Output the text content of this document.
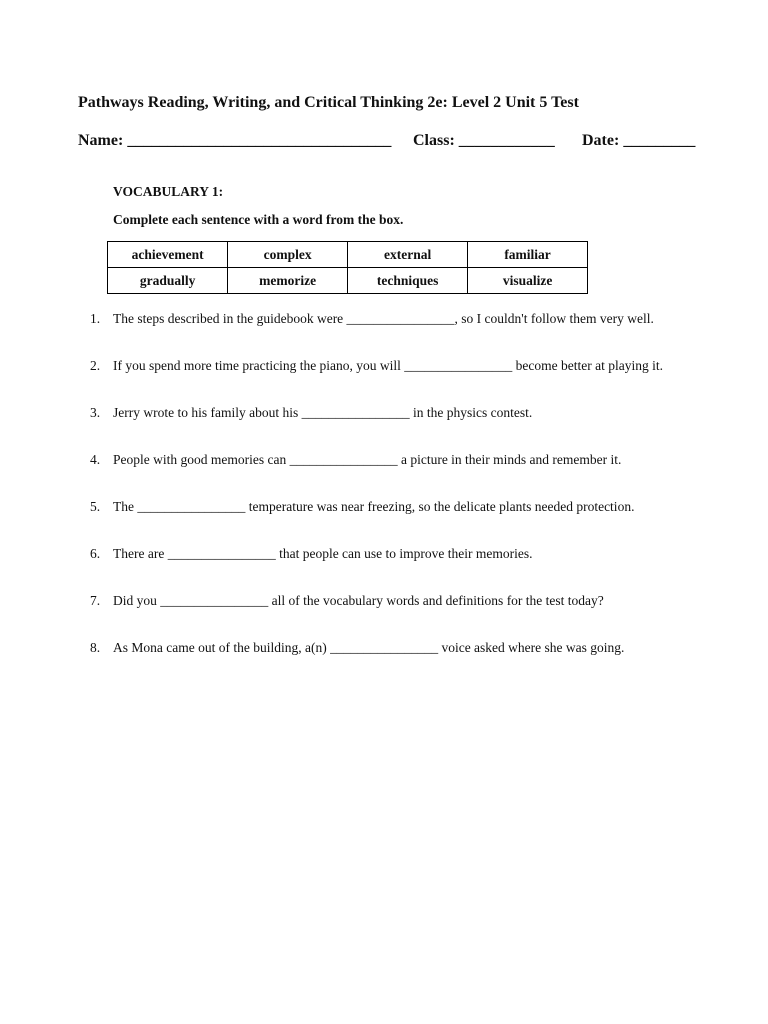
Pathways Reading, Writing, and Critical Thinking 2e: Level 2 Unit 5 Test
Name: _________________________________ Class: ____________ Date: _________
VOCABULARY 1:
Complete each sentence with a word from the box.
achievement	complex	external	familiar
gradually	memorize	techniques	visualize
1. The steps described in the guidebook were ________________, so I couldn't follow them very well.
2. If you spend more time practicing the piano, you will ________________ become better at playing it.
3. Jerry wrote to his family about his ________________ in the physics contest.
4. People with good memories can ________________ a picture in their minds and remember it.
5. The ________________ temperature was near freezing, so the delicate plants needed protection.
6. There are ________________ that people can use to improve their memories.
7. Did you ________________ all of the vocabulary words and definitions for the test today?
8. As Mona came out of the building, a(n) ________________ voice asked where she was going.
